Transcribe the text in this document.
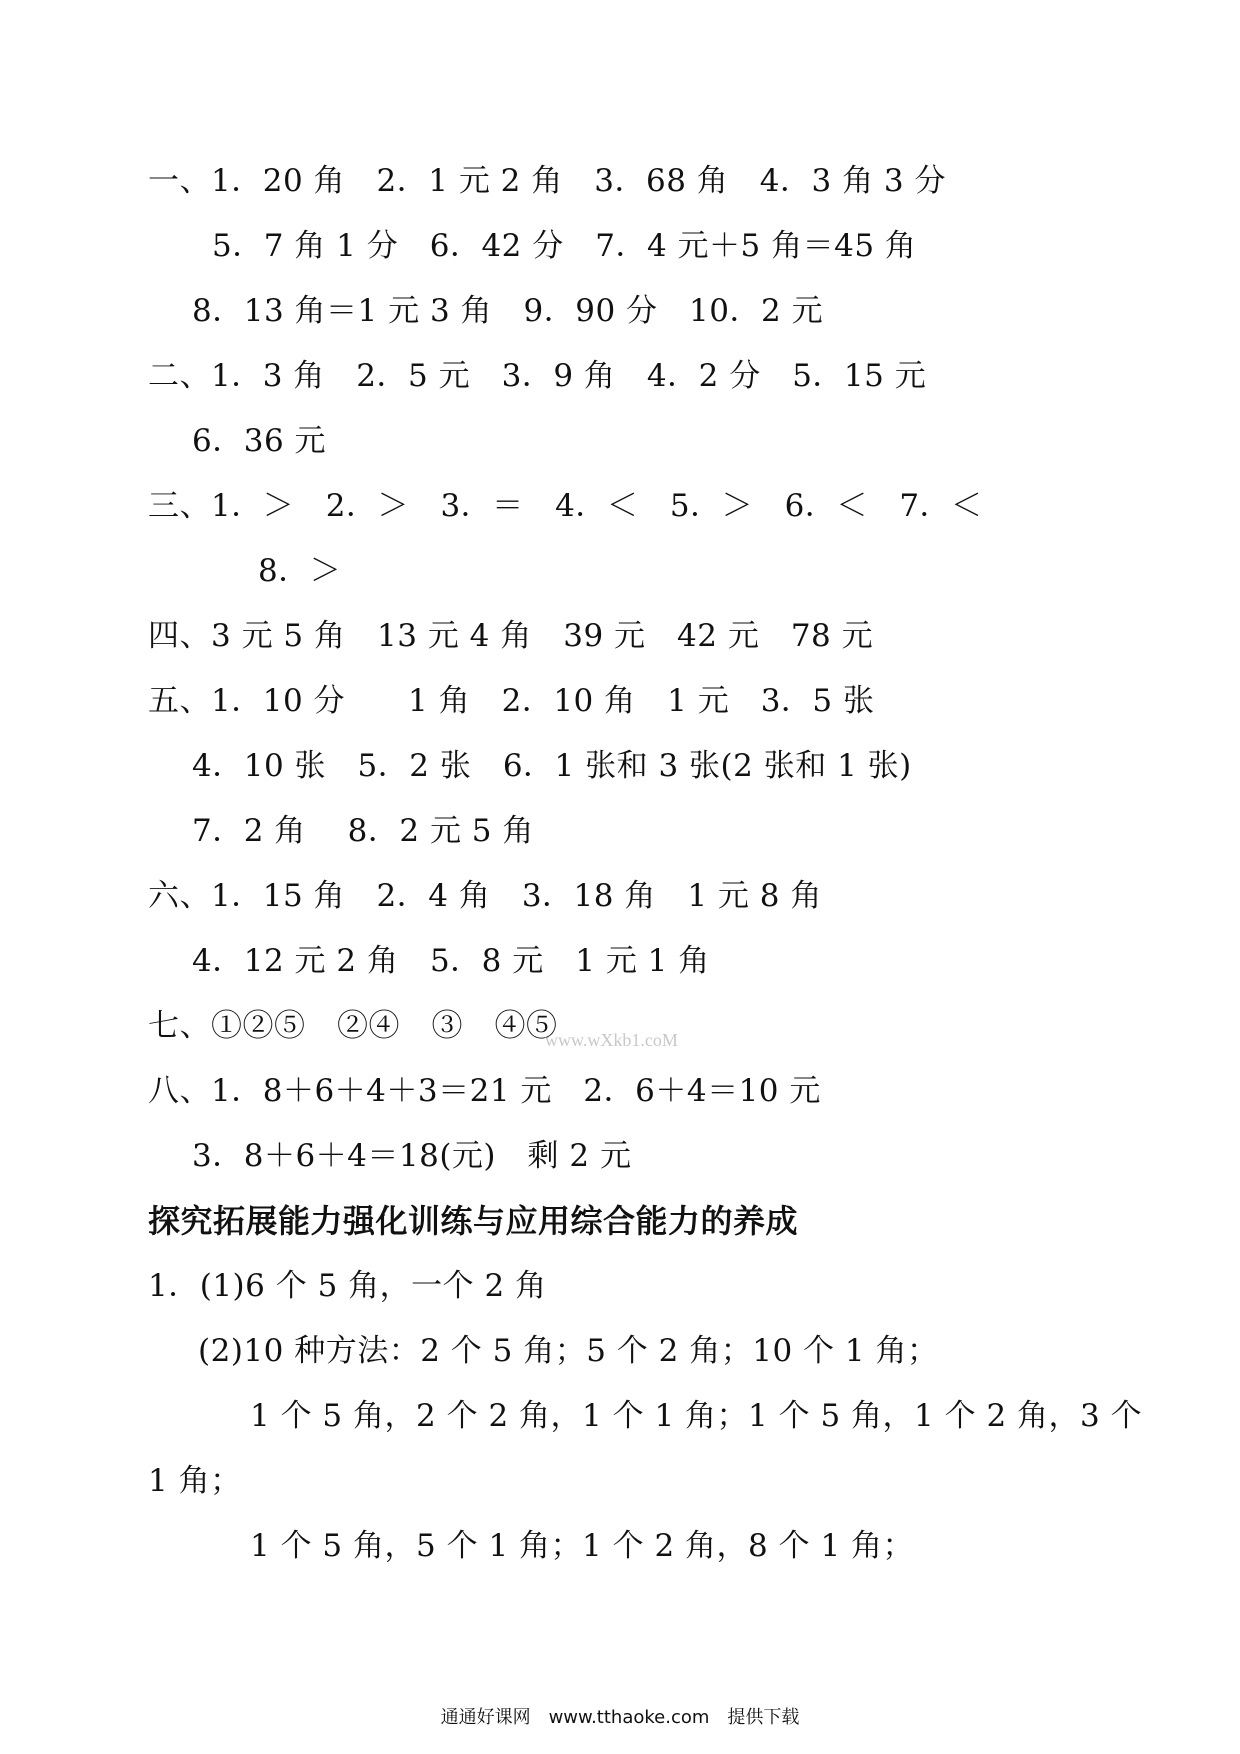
一、1．20 角　2．1 元 2 角　3．68 角　4．3 角 3 分
5．7 角 1 分　6．42 分　7．4 元＋5 角＝45 角
8．13 角＝1 元 3 角　9．90 分　10．2 元
二、1．3 角　2．5 元　3．9 角　4．2 分　5．15 元
6．36 元
三、1．＞　2．＞　3．＝　4．＜　5．＞　6．＜　7．＜
8．＞
四、3 元 5 角　13 元 4 角　39 元　42 元　78 元
五、1．10 分　　1 角　2．10 角　1 元　3．5 张
4．10 张　5．2 张　6．1 张和 3 张(2 张和 1 张)
7．2 角　 8．2 元 5 角
六、1．15 角　2．4 角　3．18 角　1 元 8 角
4．12 元 2 角　5．8 元　1 元 1 角
七、①②⑤　②④　③　④⑤
www.wXkb1.coM
八、1．8＋6＋4＋3＝21 元　2．6＋4＝10 元
3．8＋6＋4＝18(元)　剩 2 元
探究拓展能力强化训练与应用综合能力的养成
1．(1)6 个 5 角，一个 2 角
(2)10 种方法：2 个 5 角；5 个 2 角；10 个 1 角；
1 个 5 角，2 个 2 角，1 个 1 角；1 个 5 角，1 个 2 角，3 个
1 角；
1 个 5 角，5 个 1 角；1 个 2 角，8 个 1 角；
通通好课网　www.tthaoke.com　提供下载
